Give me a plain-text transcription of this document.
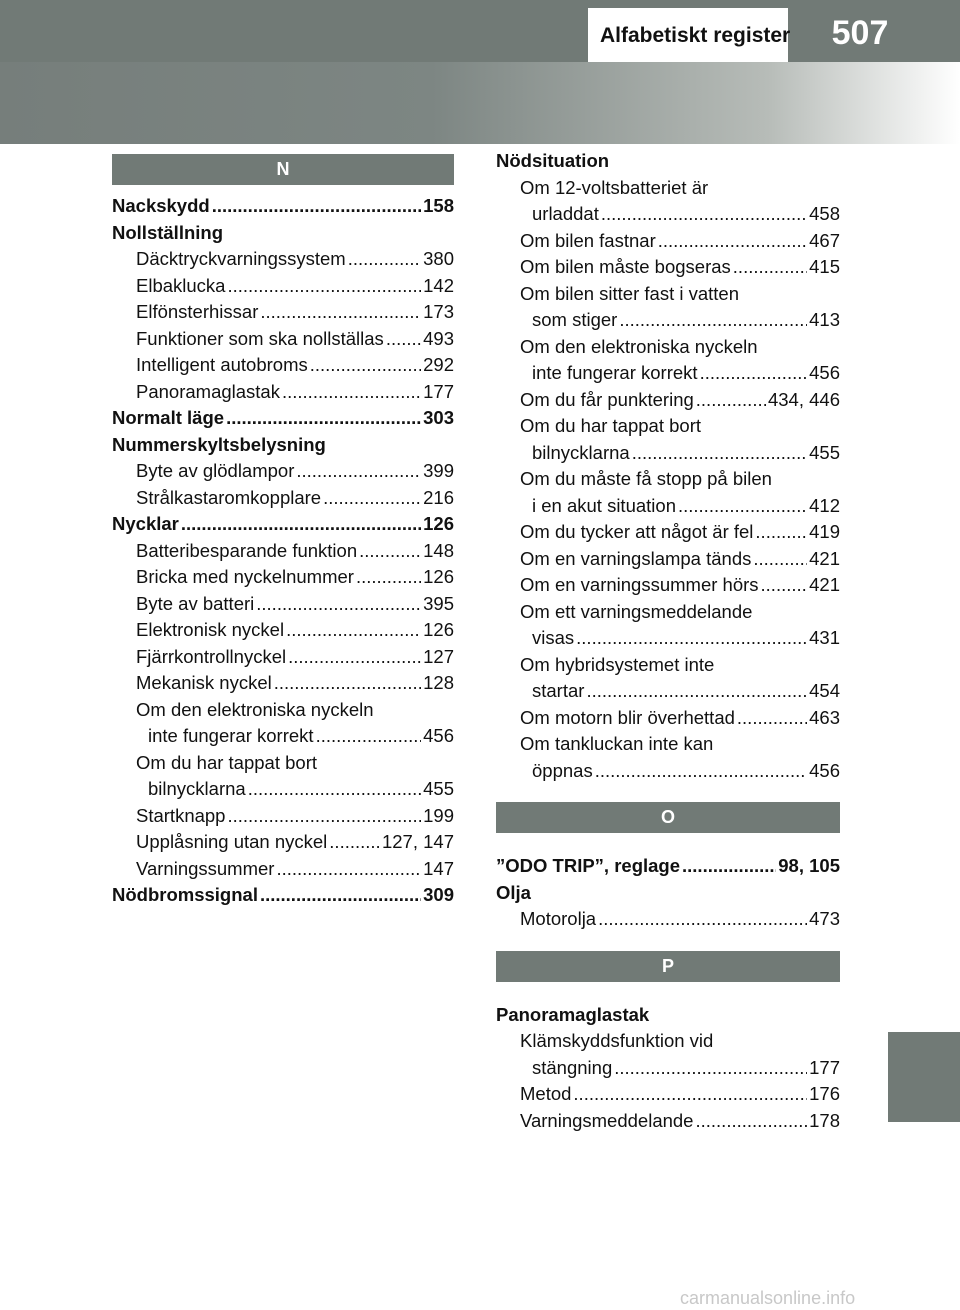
Alfabetiskt register	507
N
Nackskydd .....	158
Nollställning
Däcktryckvarningssystem .....	380
Elbaklucka .....	142
Elfönsterhissar .....	173
Funktioner som ska nollställas ..... 493
Intelligent autobroms .....	292
Panoramaglastak .....	177
Normalt läge .....	303
Nummerskyltsbelysning
Byte av glödlampor .....	399
Strålkastaromkopplare .....	216
Nycklar .....	126
Batteribesparande funktion .....	148
Bricka med nyckelnummer .....	126
Byte av batteri .....	395
Elektronisk nyckel .....	126
Fjärrkontrollnyckel .....	127
Mekanisk nyckel .....	128
Om den elektroniska nyckeln
inte fungerar korrekt .....	456
Om du har tappat bort
bilnycklarna .....	455
Startknapp .....	199
Upplåsning utan nyckel .....	127, 147
Varningssummer .....	147
Nödbromssignal .....	309
Nödsituation
Om 12-voltsbatteriet är
urladdat .....	458
Om bilen fastnar .....	467
Om bilen måste bogseras .....	415
Om bilen sitter fast i vatten
som stiger .....	413
Om den elektroniska nyckeln
inte fungerar korrekt .....	456
Om du får punktering .....	434, 446
Om du har tappat bort
bilnycklarna .....	455
Om du måste få stopp på bilen
i en akut situation .....	412
Om du tycker att något är fel .....	419
Om en varningslampa tänds .....	421
Om en varningssummer hörs .....	421
Om ett varningsmeddelande
visas .....	431
Om hybridsystemet inte
startar .....	454
Om motorn blir överhettad .....	463
Om tankluckan inte kan
öppnas .....	456
O
”ODO TRIP”, reglage .....	98, 105
Olja
Motorolja .....	473
P
Panoramaglastak
Klämskyddsfunktion vid
stängning .....	177
Metod .....	176
Varningsmeddelande .....	178
carmanualsonline.info
